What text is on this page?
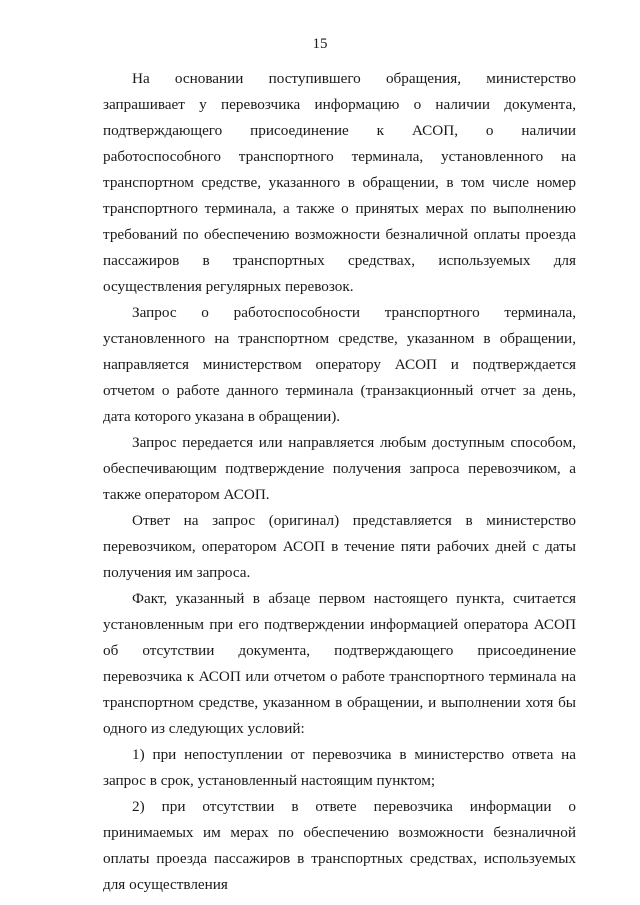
15

На основании поступившего обращения, министерство запрашивает у перевозчика информацию о наличии документа, подтверждающего присоединение к АСОП, о наличии работоспособного транспортного терминала, установленного на транспортном средстве, указанного в обращении, в том числе номер транспортного терминала, а также о принятых мерах по выполнению требований по обеспечению возможности безналичной оплаты проезда пассажиров в транспортных средствах, используемых для осуществления регулярных перевозок.

Запрос о работоспособности транспортного терминала, установленного на транспортном средстве, указанном в обращении, направляется министерством оператору АСОП и подтверждается отчетом о работе данного терминала (транзакционный отчет за день, дата которого указана в обращении).

Запрос передается или направляется любым доступным способом, обеспечивающим подтверждение получения запроса перевозчиком, а также оператором АСОП.

Ответ на запрос (оригинал) представляется в министерство перевозчиком, оператором АСОП в течение пяти рабочих дней с даты получения им запроса.

Факт, указанный в абзаце первом настоящего пункта, считается установленным при его подтверждении информацией оператора АСОП об отсутствии документа, подтверждающего присоединение перевозчика к АСОП или отчетом о работе транспортного терминала на транспортном средстве, указанном в обращении, и выполнении хотя бы одного из следующих условий:

1) при непоступлении от перевозчика в министерство ответа на запрос в срок, установленный настоящим пунктом;

2) при отсутствии в ответе перевозчика информации о принимаемых им мерах по обеспечению возможности безналичной оплаты проезда пассажиров в транспортных средствах, используемых для осуществления
